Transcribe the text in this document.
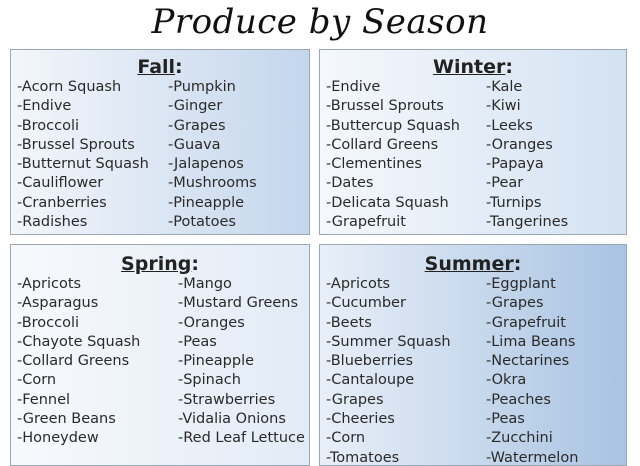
Produce by Season
Fall:
-Acorn Squash
-Endive
-Broccoli
-Brussel Sprouts
-Butternut Squash
-Cauliflower
-Cranberries
-Radishes
-Pumpkin
-Ginger
-Grapes
-Guava
-Jalapenos
-Mushrooms
-Pineapple
-Potatoes
Winter:
-Endive
-Brussel Sprouts
-Buttercup Squash
-Collard Greens
-Clementines
-Dates
-Delicata Squash
-Grapefruit
-Kale
-Kiwi
-Leeks
-Oranges
-Papaya
-Pear
-Turnips
-Tangerines
Spring:
-Apricots
-Asparagus
-Broccoli
-Chayote Squash
-Collard Greens
-Corn
-Fennel
-Green Beans
-Honeydew
-Mango
-Mustard Greens
-Oranges
-Peas
-Pineapple
-Spinach
-Strawberries
-Vidalia Onions
-Red Leaf Lettuce
Summer:
-Apricots
-Cucumber
-Beets
-Summer Squash
-Blueberries
-Cantaloupe
-Grapes
-Cheeries
-Corn
-Tomatoes
-Eggplant
-Grapes
-Grapefruit
-Lima Beans
-Nectarines
-Okra
-Peaches
-Peas
-Zucchini
-Watermelon
